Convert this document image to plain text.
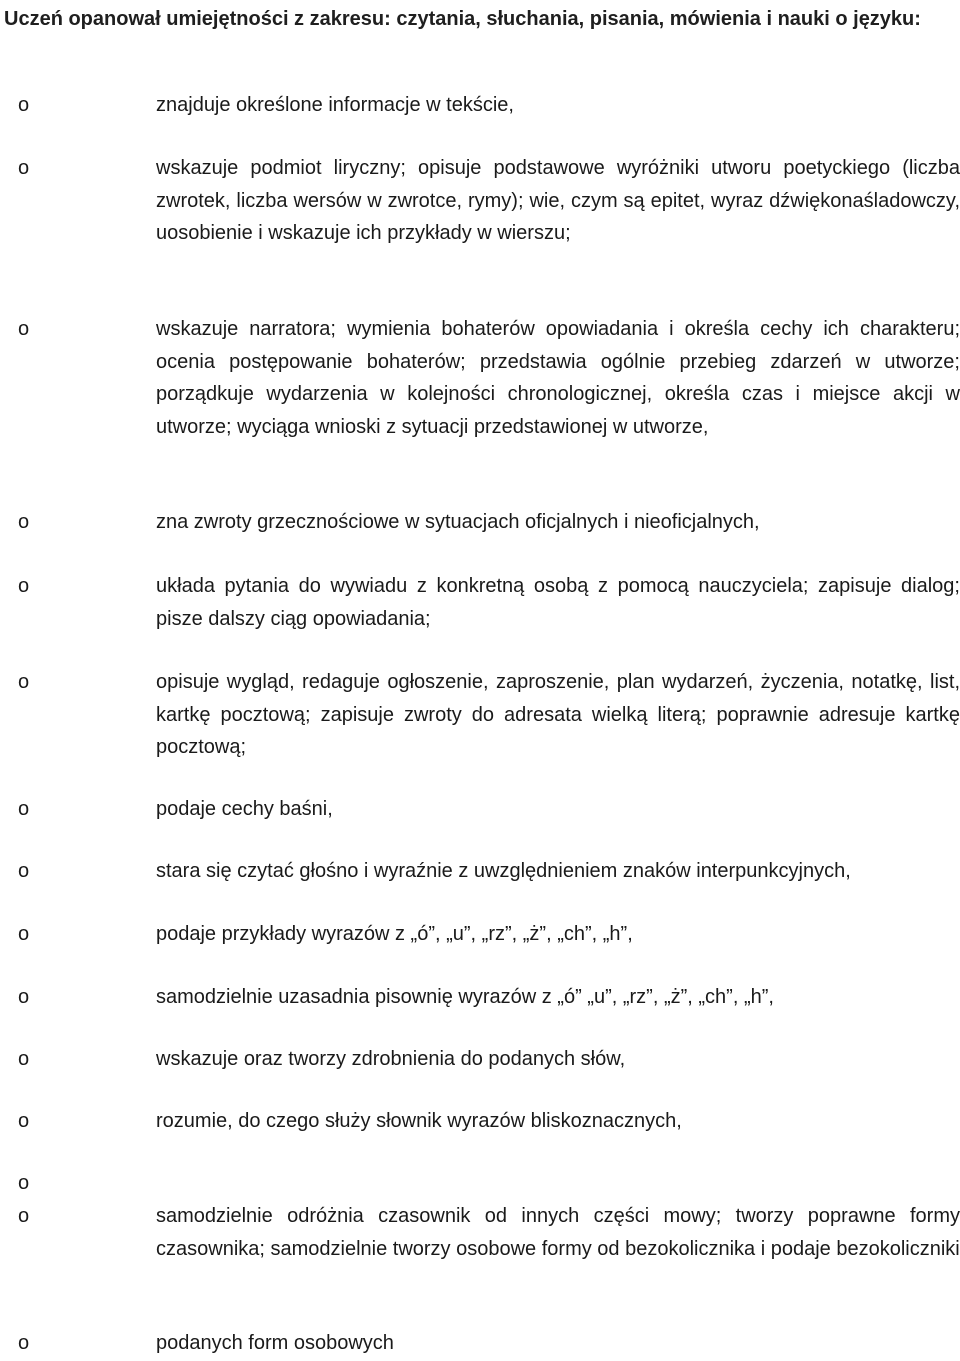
Uczeń opanował umiejętności z zakresu: czytania, słuchania, pisania, mówienia i nauki o języku:
o	znajduje określone informacje w tekście,
o	wskazuje podmiot liryczny; opisuje podstawowe wyróżniki utworu poetyckiego (liczba zwrotek, liczba wersów w zwrotce, rymy); wie, czym są epitet, wyraz dźwiękonaśladowczy, uosobienie i wskazuje ich przykłady w wierszu;
o	wskazuje narratora; wymienia bohaterów opowiadania i określa cechy ich charakteru; ocenia postępowanie bohaterów; przedstawia ogólnie przebieg zdarzeń w utworze; porządkuje wydarzenia w kolejności chronologicznej, określa czas i miejsce akcji w utworze; wyciąga wnioski z sytuacji przedstawionej w utworze,
o	zna zwroty grzecznościowe w sytuacjach oficjalnych i nieoficjalnych,
o	układa pytania do wywiadu z konkretną osobą z pomocą nauczyciela; zapisuje dialog; pisze dalszy ciąg opowiadania;
o	opisuje wygląd, redaguje ogłoszenie, zaproszenie, plan wydarzeń, życzenia, notatkę, list, kartkę pocztową; zapisuje zwroty do adresata wielką literą; poprawnie adresuje kartkę pocztową;
o	podaje cechy baśni,
o	stara się czytać głośno i wyraźnie z uwzględnieniem znaków interpunkcyjnych,
o	podaje przykłady wyrazów z „ó”, „u”, „rz”, „ż”, „ch”, „h”,
o	samodzielnie uzasadnia pisownię wyrazów z „ó” „u”, „rz”, „ż”, „ch”, „h”,
o	wskazuje oraz tworzy zdrobnienia do podanych słów,
o	rozumie, do czego służy słownik wyrazów bliskoznacznych,
o
o	samodzielnie odróżnia czasownik od innych części mowy; tworzy poprawne formy czasownika; samodzielnie tworzy osobowe formy od bezokolicznika i podaje bezokoliczniki
o	podanych form osobowych
